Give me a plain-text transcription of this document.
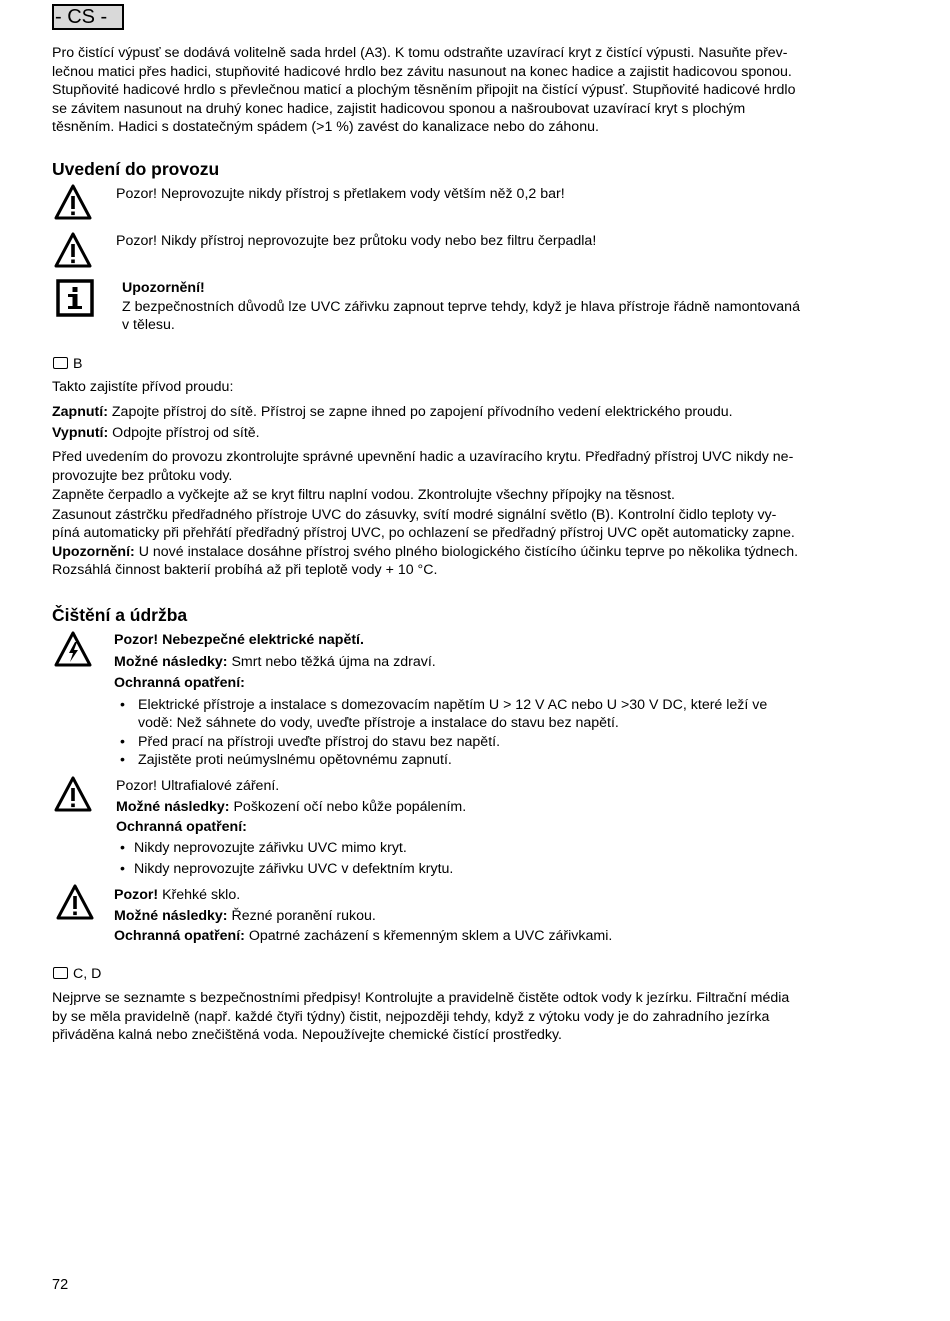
- CS -
Pro čistící výpusť se dodává volitelně sada hrdel (A3). K tomu odstraňte uzavírací kryt z čistící výpusti. Nasuňte přev-
lečnou matici přes hadici, stupňovité hadicové hrdlo bez závitu nasunout na konec hadice a zajistit hadicovou sponou.
Stupňovité hadicové hrdlo s převlečnou maticí a plochým těsněním připojit na čistící výpusť. Stupňovité hadicové hrdlo
se závitem nasunout na druhý konec hadice, zajistit hadicovou sponou a našroubovat uzavírací kryt s plochým
těsněním. Hadici s dostatečným spádem (>1 %) zavést do kanalizace nebo do záhonu.
Uvedení do provozu
Pozor! Neprovozujte nikdy přístroj s přetlakem vody větším něž 0,2 bar!
Pozor! Nikdy přístroj neprovozujte bez průtoku vody nebo bez filtru čerpadla!
Upozornění!
Z bezpečnostních důvodů lze UVC zářivku zapnout teprve tehdy, když je hlava přístroje řádně namontovaná
v tělesu.
B
Takto zajistíte přívod proudu:
Zapnutí: Zapojte přístroj do sítě. Přístroj se zapne ihned po zapojení přívodního vedení elektrického proudu.
Vypnutí: Odpojte přístroj od sítě.
Před uvedením do provozu zkontrolujte správné upevnění hadic a uzavíracího krytu. Předřadný přístroj UVC nikdy ne-
provozujte bez průtoku vody.
Zapněte čerpadlo a vyčkejte až se kryt filtru naplní vodou. Zkontrolujte všechny přípojky na těsnost.
Zasunout zástrčku předřadného přístroje UVC do zásuvky, svítí modré signální světlo (B). Kontrolní čidlo teploty vy-
píná automaticky při přehřátí předřadný přístroj UVC, po ochlazení se předřadný přístroj UVC opět automaticky zapne.
Upozornění: U nové instalace dosáhne přístroj svého plného biologického čistícího účinku teprve po několika týdnech.
Rozsáhlá činnost bakterií probíhá až při teplotě vody + 10 °C.
Čištění a údržba
Pozor! Nebezpečné elektrické napětí.
Možné následky: Smrt nebo těžká újma na zdraví.
Ochranná opatření:
• Elektrické přístroje a instalace s domezovacím napětím U > 12 V AC nebo U >30 V DC, které leží ve
vodě: Než sáhnete do vody, uveďte přístroje a instalace do stavu bez napětí.
• Před prací na přístroji uveďte přístroj do stavu bez napětí.
• Zajistěte proti neúmyslnému opětovnému zapnutí.
Pozor! Ultrafialové záření.
Možné následky: Poškození očí nebo kůže popálením.
Ochranná opatření:
• Nikdy neprovozujte zářivku UVC mimo kryt.
• Nikdy neprovozujte zářivku UVC v defektním krytu.
Pozor! Křehké sklo.
Možné následky: Řezné poranění rukou.
Ochranná opatření: Opatrné zacházení s křemenným sklem a UVC zářivkami.
C, D
Nejprve se seznamte s bezpečnostními předpisy! Kontrolujte a pravidelně čistěte odtok vody k jezírku. Filtrační média
by se měla pravidelně (např. každé čtyři týdny) čistit, nejpozději tehdy, když z výtoku vody je do zahradního jezírka
přiváděna kalná nebo znečištěná voda. Nepoužívejte chemické čistící prostředky.
72
